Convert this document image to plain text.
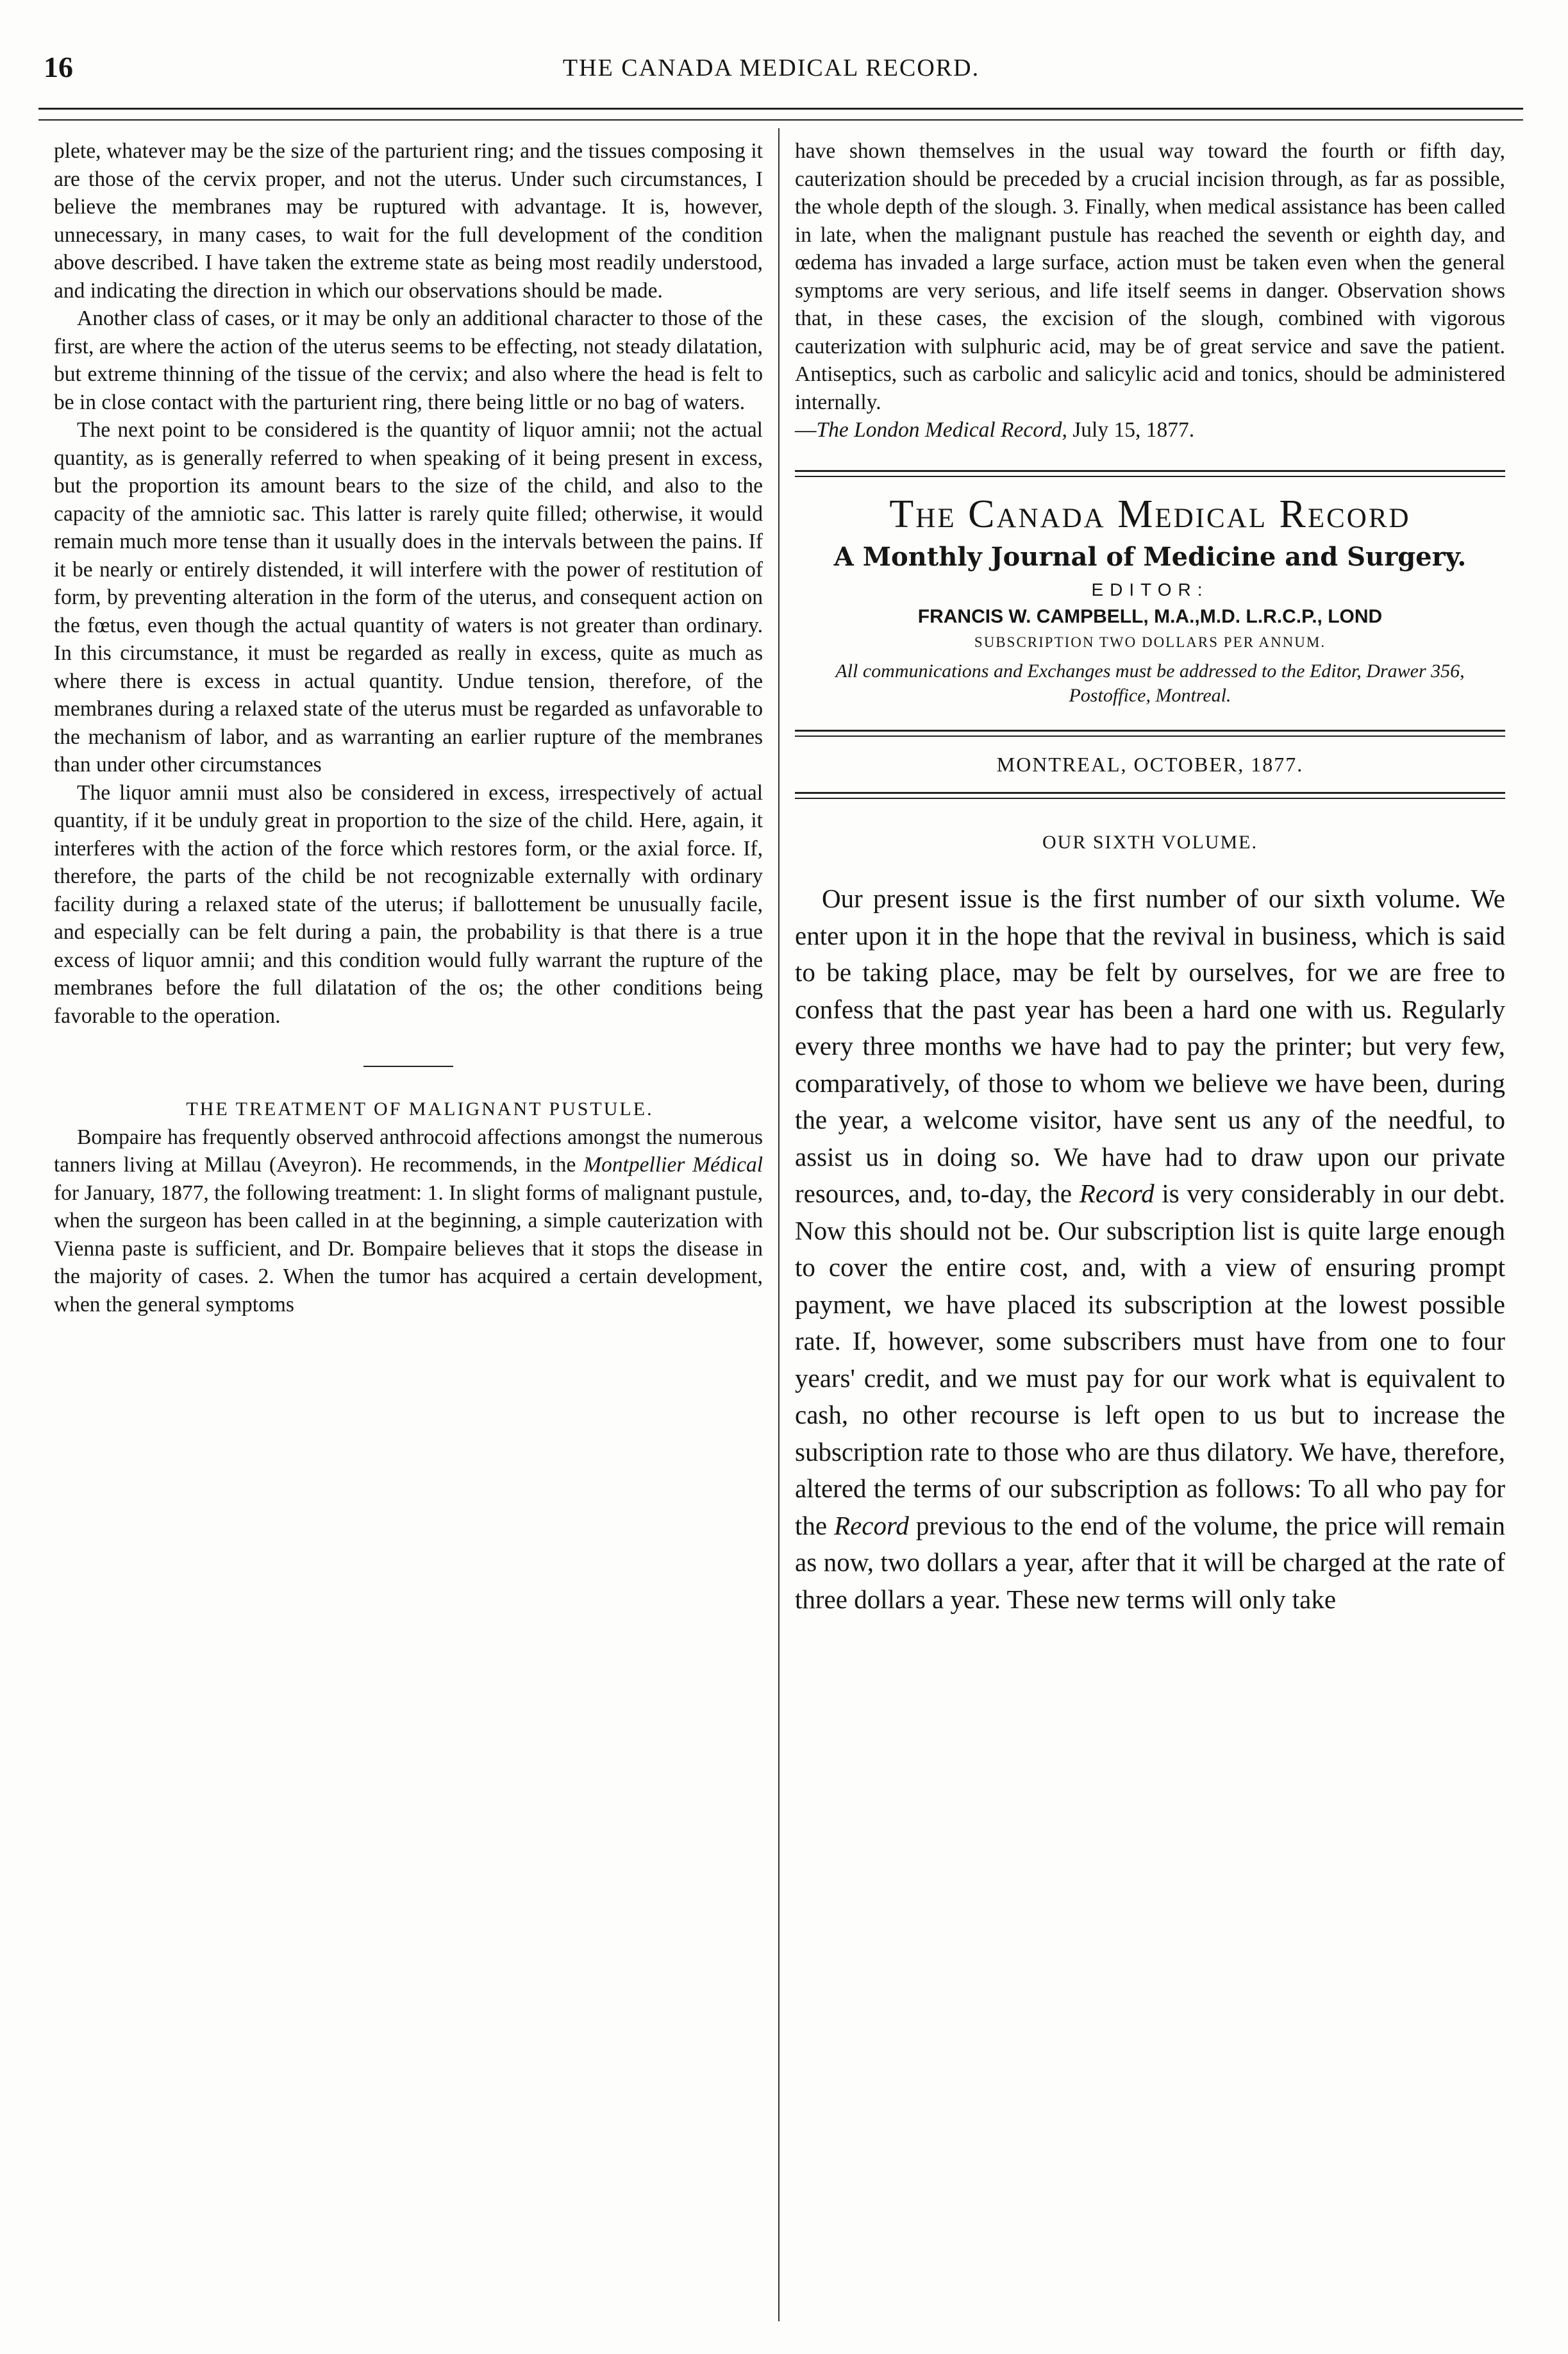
16	THE CANADA MEDICAL RECORD.

plete, whatever may be the size of the parturient ring; and the tissues composing it are those of the cervix proper, and not the uterus. Under such circumstances, I believe the membranes may be ruptured with advantage. It is, however, unnecessary, in many cases, to wait for the full development of the condition above described. I have taken the extreme state as being most readily understood, and indicating the direction in which our observations should be made.

Another class of cases, or it may be only an additional character to those of the first, are where the action of the uterus seems to be effecting, not steady dilatation, but extreme thinning of the tissue of the cervix; and also where the head is felt to be in close contact with the parturient ring, there being little or no bag of waters.

The next point to be considered is the quantity of liquor amnii; not the actual quantity, as is generally referred to when speaking of it being present in excess, but the proportion its amount bears to the size of the child, and also to the capacity of the amniotic sac. This latter is rarely quite filled; otherwise, it would remain much more tense than it usually does in the intervals between the pains. If it be nearly or entirely distended, it will interfere with the power of restitution of form, by preventing alteration in the form of the uterus, and consequent action on the fœtus, even though the actual quantity of waters is not greater than ordinary. In this circumstance, it must be regarded as really in excess, quite as much as where there is excess in actual quantity. Undue tension, therefore, of the membranes during a relaxed state of the uterus must be regarded as unfavorable to the mechanism of labor, and as warranting an earlier rupture of the membranes than under other circumstances

The liquor amnii must also be considered in excess, irrespectively of actual quantity, if it be unduly great in proportion to the size of the child. Here, again, it interferes with the action of the force which restores form, or the axial force. If, therefore, the parts of the child be not recognizable externally with ordinary facility during a relaxed state of the uterus; if ballottement be unusually facile, and especially can be felt during a pain, the probability is that there is a true excess of liquor amnii; and this condition would fully warrant the rupture of the membranes before the full dilatation of the os; the other conditions being favorable to the operation.

THE TREATMENT OF MALIGNANT PUSTULE.

Bompaire has frequently observed anthrocoid affections amongst the numerous tanners living at Millau (Aveyron). He recommends, in the Montpellier Médical for January, 1877, the following treatment: 1. In slight forms of malignant pustule, when the surgeon has been called in at the beginning, a simple cauterization with Vienna paste is sufficient, and Dr. Bompaire believes that it stops the disease in the majority of cases. 2. When the tumor has acquired a certain development, when the general symptoms

have shown themselves in the usual way toward the fourth or fifth day, cauterization should be preceded by a crucial incision through, as far as possible, the whole depth of the slough. 3. Finally, when medical assistance has been called in late, when the malignant pustule has reached the seventh or eighth day, and œdema has invaded a large surface, action must be taken even when the general symptoms are very serious, and life itself seems in danger. Observation shows that, in these cases, the excision of the slough, combined with vigorous cauterization with sulphuric acid, may be of great service and save the patient. Antiseptics, such as carbolic and salicylic acid and tonics, should be administered internally.

—The London Medical Record, July 15, 1877.

The Canada Medical Record
A Monthly Journal of Medicine and Surgery.
EDITOR:
FRANCIS W. CAMPBELL, M.A.,M.D. L.R.C.P., LOND
SUBSCRIPTION TWO DOLLARS PER ANNUM.
All communications and Exchanges must be addressed to the Editor, Drawer 356, Postoffice, Montreal.
MONTREAL, OCTOBER, 1877.
OUR SIXTH VOLUME.

Our present issue is the first number of our sixth volume. We enter upon it in the hope that the revival in business, which is said to be taking place, may be felt by ourselves, for we are free to confess that the past year has been a hard one with us. Regularly every three months we have had to pay the printer; but very few, comparatively, of those to whom we believe we have been, during the year, a welcome visitor, have sent us any of the needful, to assist us in doing so. We have had to draw upon our private resources, and, to-day, the Record is very considerably in our debt. Now this should not be. Our subscription list is quite large enough to cover the entire cost, and, with a view of ensuring prompt payment, we have placed its subscription at the lowest possible rate. If, however, some subscribers must have from one to four years' credit, and we must pay for our work what is equivalent to cash, no other recourse is left open to us but to increase the subscription rate to those who are thus dilatory. We have, therefore, altered the terms of our subscription as follows: To all who pay for the Record previous to the end of the volume, the price will remain as now, two dollars a year, after that it will be charged at the rate of three dollars a year. These new terms will only take
